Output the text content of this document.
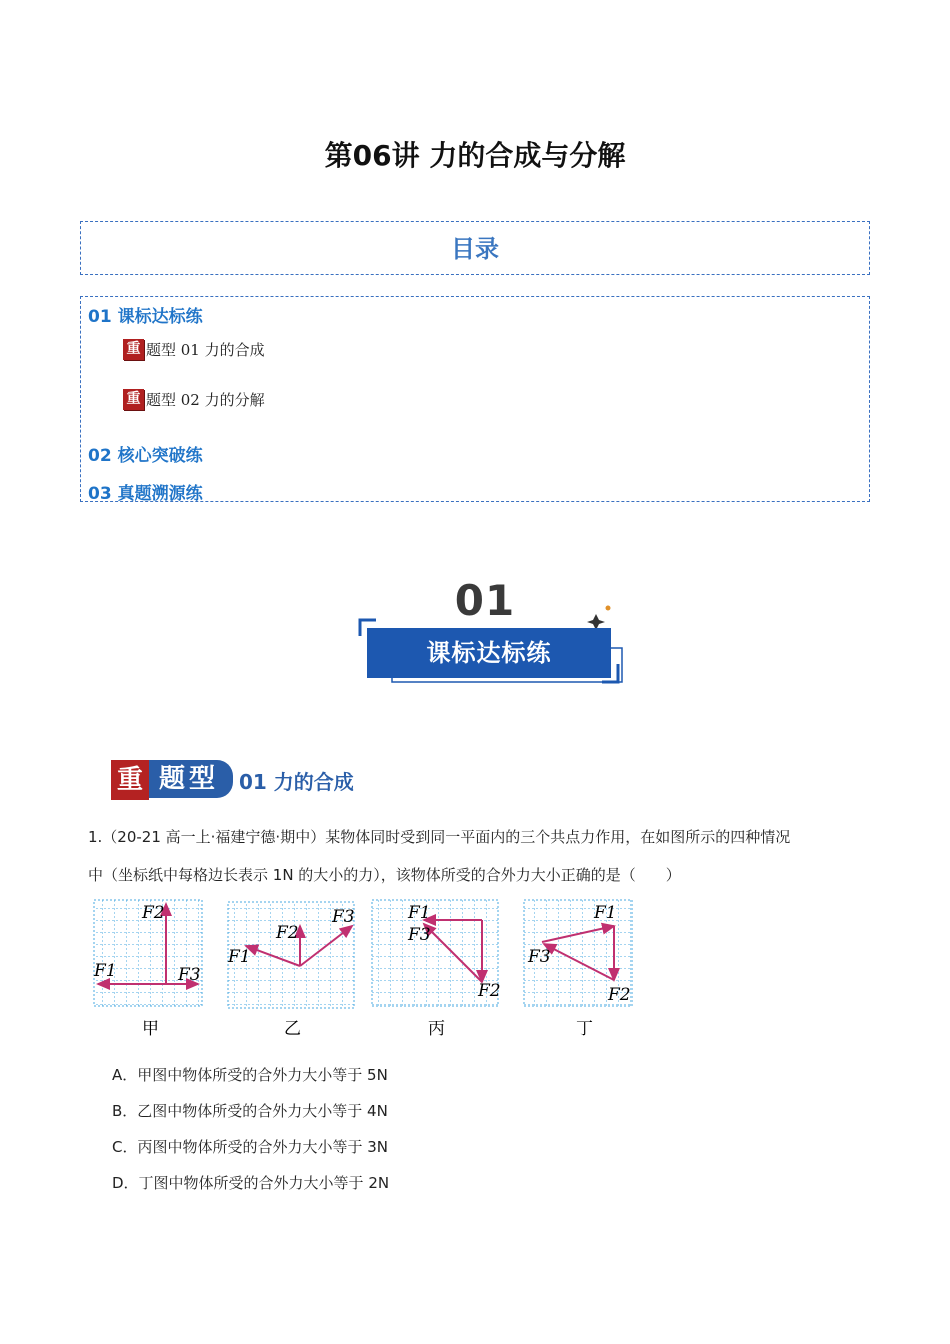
第06讲 力的合成与分解
目录
01 课标达标练
重 题型 01 力的合成
重 题型 02 力的分解
02 核心突破练
03 真题溯源练
01
课标达标练
重 题型	01 力的合成
1.（20-21 高一上·福建宁德·期中）某物体同时受到同一平面内的三个共点力作用，在如图所示的四种情况
中（坐标纸中每格边长表示 1N 的大小的力），该物体所受的合外力大小正确的是（　　）
F2
F1	F3
F3
F2
F1
F1
F3
F2
F1
F3
F2
甲	乙	丙	丁
A．甲图中物体所受的合外力大小等于 5N
B．乙图中物体所受的合外力大小等于 4N
C．丙图中物体所受的合外力大小等于 3N
D．丁图中物体所受的合外力大小等于 2N
